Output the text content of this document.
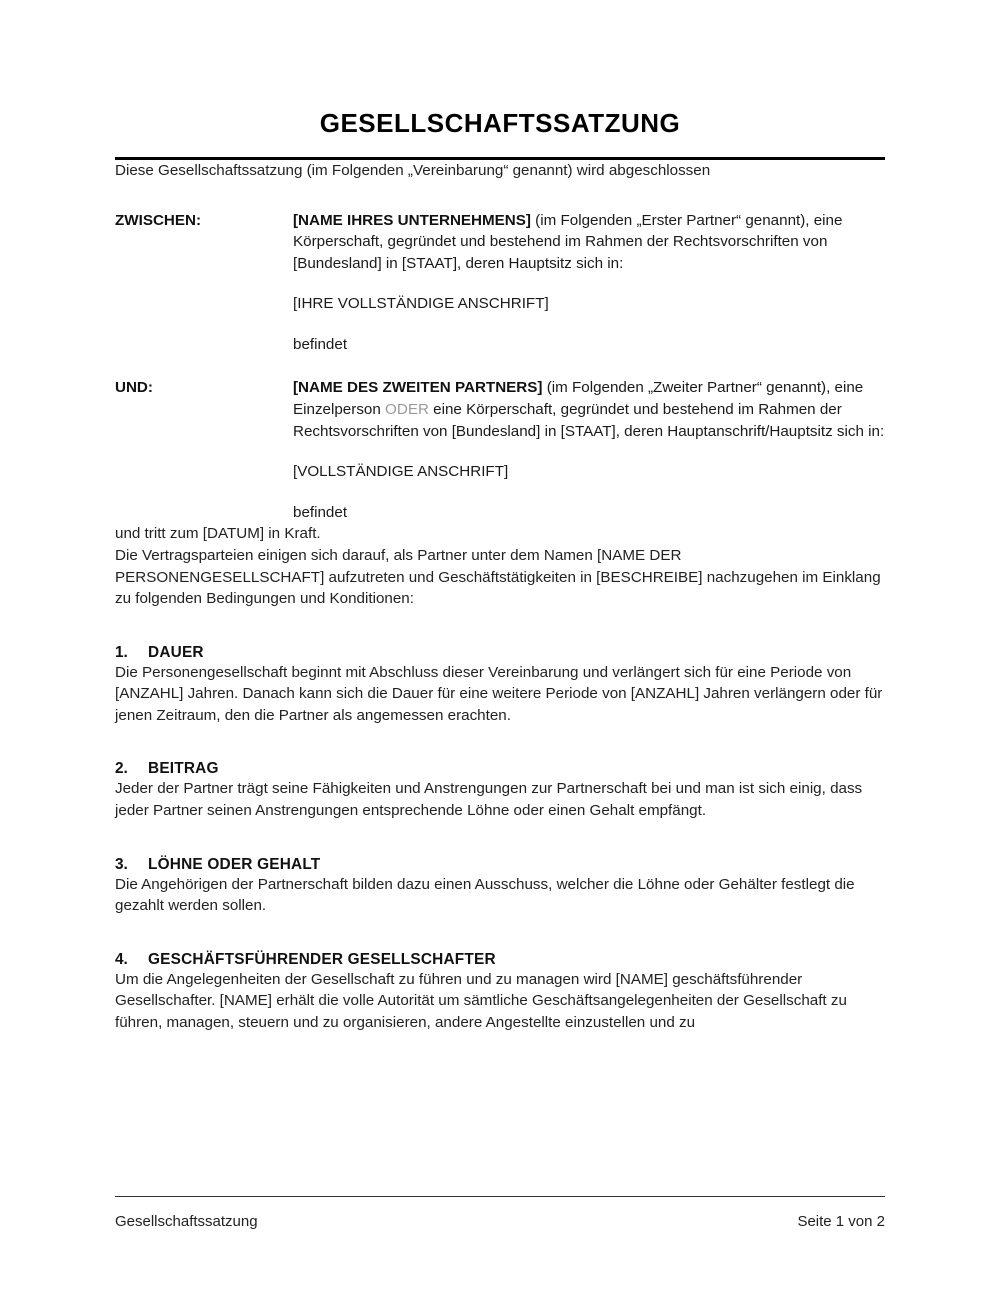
GESELLSCHAFTSSATZUNG

Diese Gesellschaftssatzung (im Folgenden „Vereinbarung“ genannt) wird abgeschlossen

ZWISCHEN:	[NAME IHRES UNTERNEHMENS] (im Folgenden „Erster Partner“ genannt), eine Körperschaft, gegründet und bestehend im Rahmen der Rechtsvorschriften von [Bundesland] in [STAAT], deren Hauptsitz sich in:
[IHRE VOLLSTÄNDIGE ANSCHRIFT]
befindet
UND:	[NAME DES ZWEITEN PARTNERS] (im Folgenden „Zweiter Partner“ genannt), eine Einzelperson ODER eine Körperschaft, gegründet und bestehend im Rahmen der Rechtsvorschriften von [Bundesland] in [STAAT], deren Hauptanschrift/Hauptsitz sich in:
[VOLLSTÄNDIGE ANSCHRIFT]
befindet

und tritt zum [DATUM] in Kraft.

Die Vertragsparteien einigen sich darauf, als Partner unter dem Namen [NAME DER PERSONENGESELLSCHAFT] aufzutreten und Geschäftstätigkeiten in [BESCHREIBE] nachzugehen im Einklang zu folgenden Bedingungen und Konditionen:

1.	DAUER

Die Personengesellschaft beginnt mit Abschluss dieser Vereinbarung und verlängert sich für eine Periode von [ANZAHL] Jahren. Danach kann sich die Dauer für eine weitere Periode von [ANZAHL] Jahren verlängern oder für jenen Zeitraum, den die Partner als angemessen erachten.

2.	BEITRAG

Jeder der Partner trägt seine Fähigkeiten und Anstrengungen zur Partnerschaft bei und man ist sich einig, dass jeder Partner seinen Anstrengungen entsprechende Löhne oder einen Gehalt empfängt.

3.	LÖHNE ODER GEHALT

Die Angehörigen der Partnerschaft bilden dazu einen Ausschuss, welcher die Löhne oder Gehälter festlegt die gezahlt werden sollen.

4.	GESCHÄFTSFÜHRENDER GESELLSCHAFTER

Um die Angelegenheiten der Gesellschaft zu führen und zu managen wird [NAME] geschäftsführender Gesellschafter. [NAME] erhält die volle Autorität um sämtliche Geschäftsangelegenheiten der Gesellschaft zu führen, managen, steuern und zu organisieren, andere Angestellte einzustellen und zu

Gesellschaftssatzung	Seite 1 von 2
